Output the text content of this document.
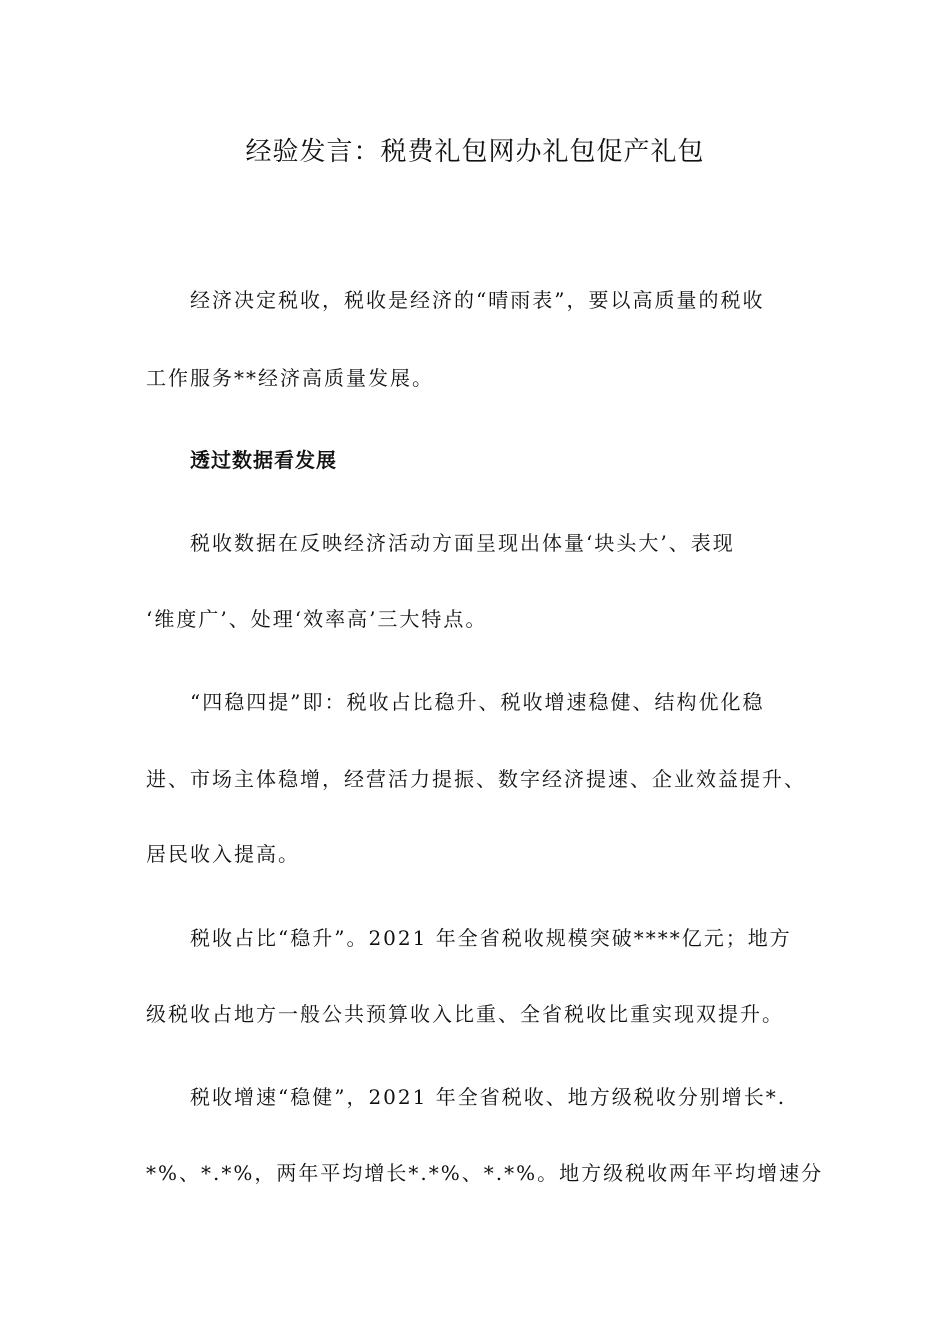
经验发言：税费礼包网办礼包促产礼包
经济决定税收，税收是经济的“晴雨表”，要以高质量的税收
工作服务**经济高质量发展。
透过数据看发展
税收数据在反映经济活动方面呈现出体量‘块头大’、表现
‘维度广’、处理‘效率高’三大特点。
“四稳四提”即：税收占比稳升、税收增速稳健、结构优化稳
进、市场主体稳增，经营活力提振、数字经济提速、企业效益提升、
居民收入提高。
税收占比“稳升”。2021 年全省税收规模突破****亿元；地方
级税收占地方一般公共预算收入比重、全省税收比重实现双提升。
税收增速“稳健”，2021 年全省税收、地方级税收分别增长*.
*%、*.*%，两年平均增长*.*%、*.*%。地方级税收两年平均增速分
